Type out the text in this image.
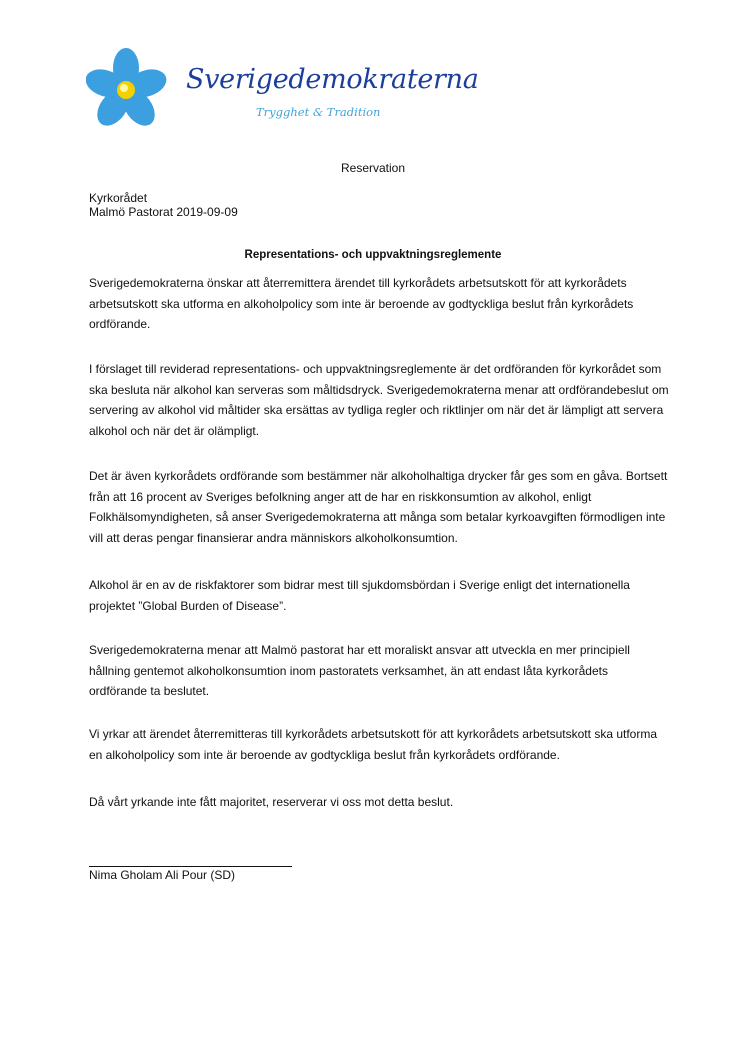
Sverigedemokraterna
Trygghet & Tradition
Reservation
Kyrkorådet
Malmö Pastorat 2019-09-09
Representations- och uppvaktningsreglemente

Sverigedemokraterna önskar att återremittera ärendet till kyrkorådets arbetsutskott för att kyrkorådets arbetsutskott ska utforma en alkoholpolicy som inte är beroende av godtyckliga beslut från kyrkorådets ordförande.

I förslaget till reviderad representations- och uppvaktningsreglemente är det ordföranden för kyrkorådet som ska besluta när alkohol kan serveras som måltidsdryck. Sverigedemokraterna menar att ordförandebeslut om servering av alkohol vid måltider ska ersättas av tydliga regler och riktlinjer om när det är lämpligt att servera alkohol och när det är olämpligt.

Det är även kyrkorådets ordförande som bestämmer när alkoholhaltiga drycker får ges som en gåva. Bortsett från att 16 procent av Sveriges befolkning anger att de har en riskkonsumtion av alkohol, enligt Folkhälsomyndigheten, så anser Sverigedemokraterna att många som betalar kyrkoavgiften förmodligen inte vill att deras pengar finansierar andra människors alkoholkonsumtion.

Alkohol är en av de riskfaktorer som bidrar mest till sjukdomsbördan i Sverige enligt det internationella projektet ”Global Burden of Disease”.

Sverigedemokraterna menar att Malmö pastorat har ett moraliskt ansvar att utveckla en mer principiell hållning gentemot alkoholkonsumtion inom pastoratets verksamhet, än att endast låta kyrkorådets ordförande ta beslutet.

Vi yrkar att ärendet återremitteras till kyrkorådets arbetsutskott för att kyrkorådets arbetsutskott ska utforma en alkoholpolicy som inte är beroende av godtyckliga beslut från kyrkorådets ordförande.

Då vårt yrkande inte fått majoritet, reserverar vi oss mot detta beslut.

Nima Gholam Ali Pour (SD)
